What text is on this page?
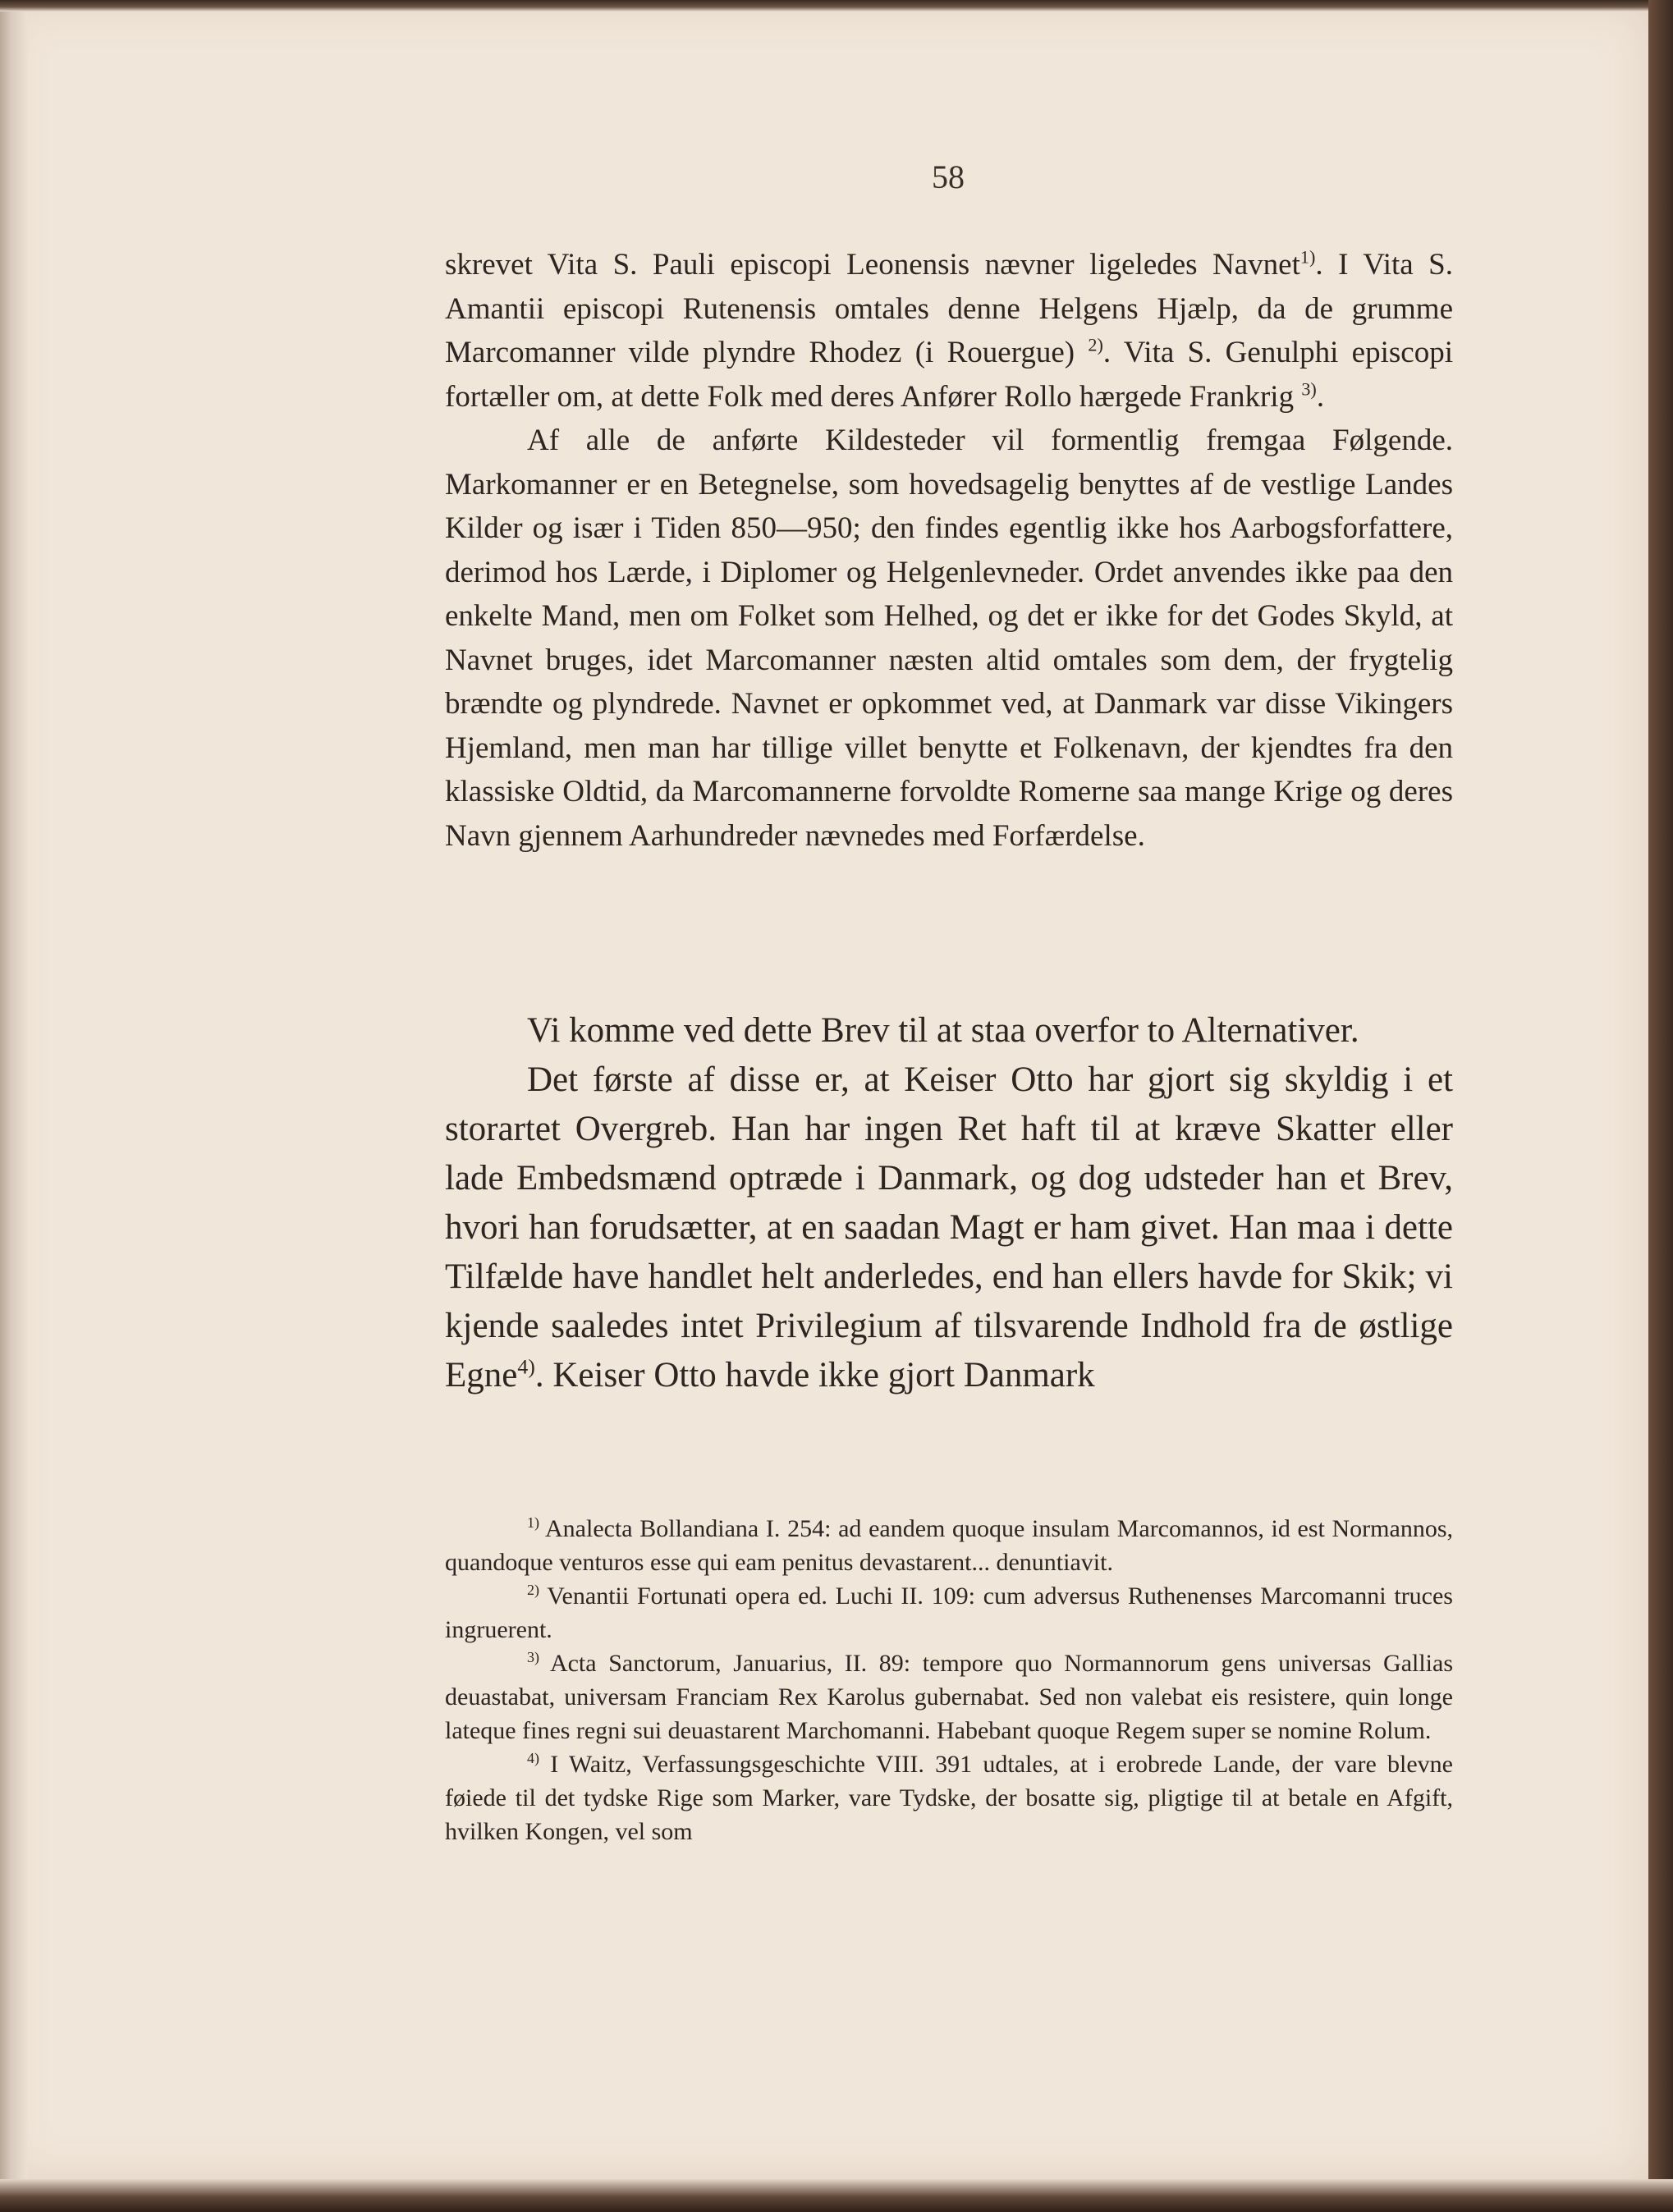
58

skrevet Vita S. Pauli episcopi Leonensis nævner ligeledes Navnet$^{1)}$. I Vita S. Amantii episcopi Rutenensis omtales denne Helgens Hjælp, da de grumme Marcomanner vilde plyndre Rhodez (i Rouergue) $^{2)}$. Vita S. Genulphi episcopi fortæller om, at dette Folk med deres Anfører Rollo hærgede Frankrig $^{3)}$.

Af alle de anførte Kildesteder vil formentlig fremgaa Følgende. Markomanner er en Betegnelse, som hovedsagelig benyttes af de vestlige Landes Kilder og især i Tiden 850—950; den findes egentlig ikke hos Aarbogsforfattere, derimod hos Lærde, i Diplomer og Helgenlevneder. Ordet anvendes ikke paa den enkelte Mand, men om Folket som Helhed, og det er ikke for det Godes Skyld, at Navnet bruges, idet Marcomanner næsten altid omtales som dem, der frygtelig brændte og plyndrede. Navnet er opkommet ved, at Danmark var disse Vikingers Hjemland, men man har tillige villet benytte et Folkenavn, der kjendtes fra den klassiske Oldtid, da Marcomannerne forvoldte Romerne saa mange Krige og deres Navn gjennem Aarhundreder nævnedes med Forfærdelse.

Vi komme ved dette Brev til at staa overfor to Alternativer.

Det første af disse er, at Keiser Otto har gjort sig skyldig i et storartet Overgreb. Han har ingen Ret haft til at kræve Skatter eller lade Embedsmænd optræde i Danmark, og dog udsteder han et Brev, hvori han forudsætter, at en saadan Magt er ham givet. Han maa i dette Tilfælde have handlet helt anderledes, end han ellers havde for Skik; vi kjende saaledes intet Privilegium af tilsvarende Indhold fra de østlige Egne$^{4)}$. Keiser Otto havde ikke gjort Danmark

$^{1)}$ Analecta Bollandiana I. 254: ad eandem quoque insulam Marcomannos, id est Normannos, quandoque venturos esse qui eam penitus devastarent... denuntiavit.

$^{2)}$ Venantii Fortunati opera ed. Luchi II. 109: cum adversus Ruthenenses Marcomanni truces ingruerent.

$^{3)}$ Acta Sanctorum, Januarius, II. 89: tempore quo Normannorum gens universas Gallias deuastabat, universam Franciam Rex Karolus gubernabat. Sed non valebat eis resistere, quin longe lateque fines regni sui deuastarent Marchomanni. Habebant quoque Regem super se nomine Rolum.

$^{4)}$ I Waitz, Verfassungsgeschichte VIII. 391 udtales, at i erobrede Lande, der vare blevne føiede til det tydske Rige som Marker, vare Tydske, der bosatte sig, pligtige til at betale en Afgift, hvilken Kongen, vel som
